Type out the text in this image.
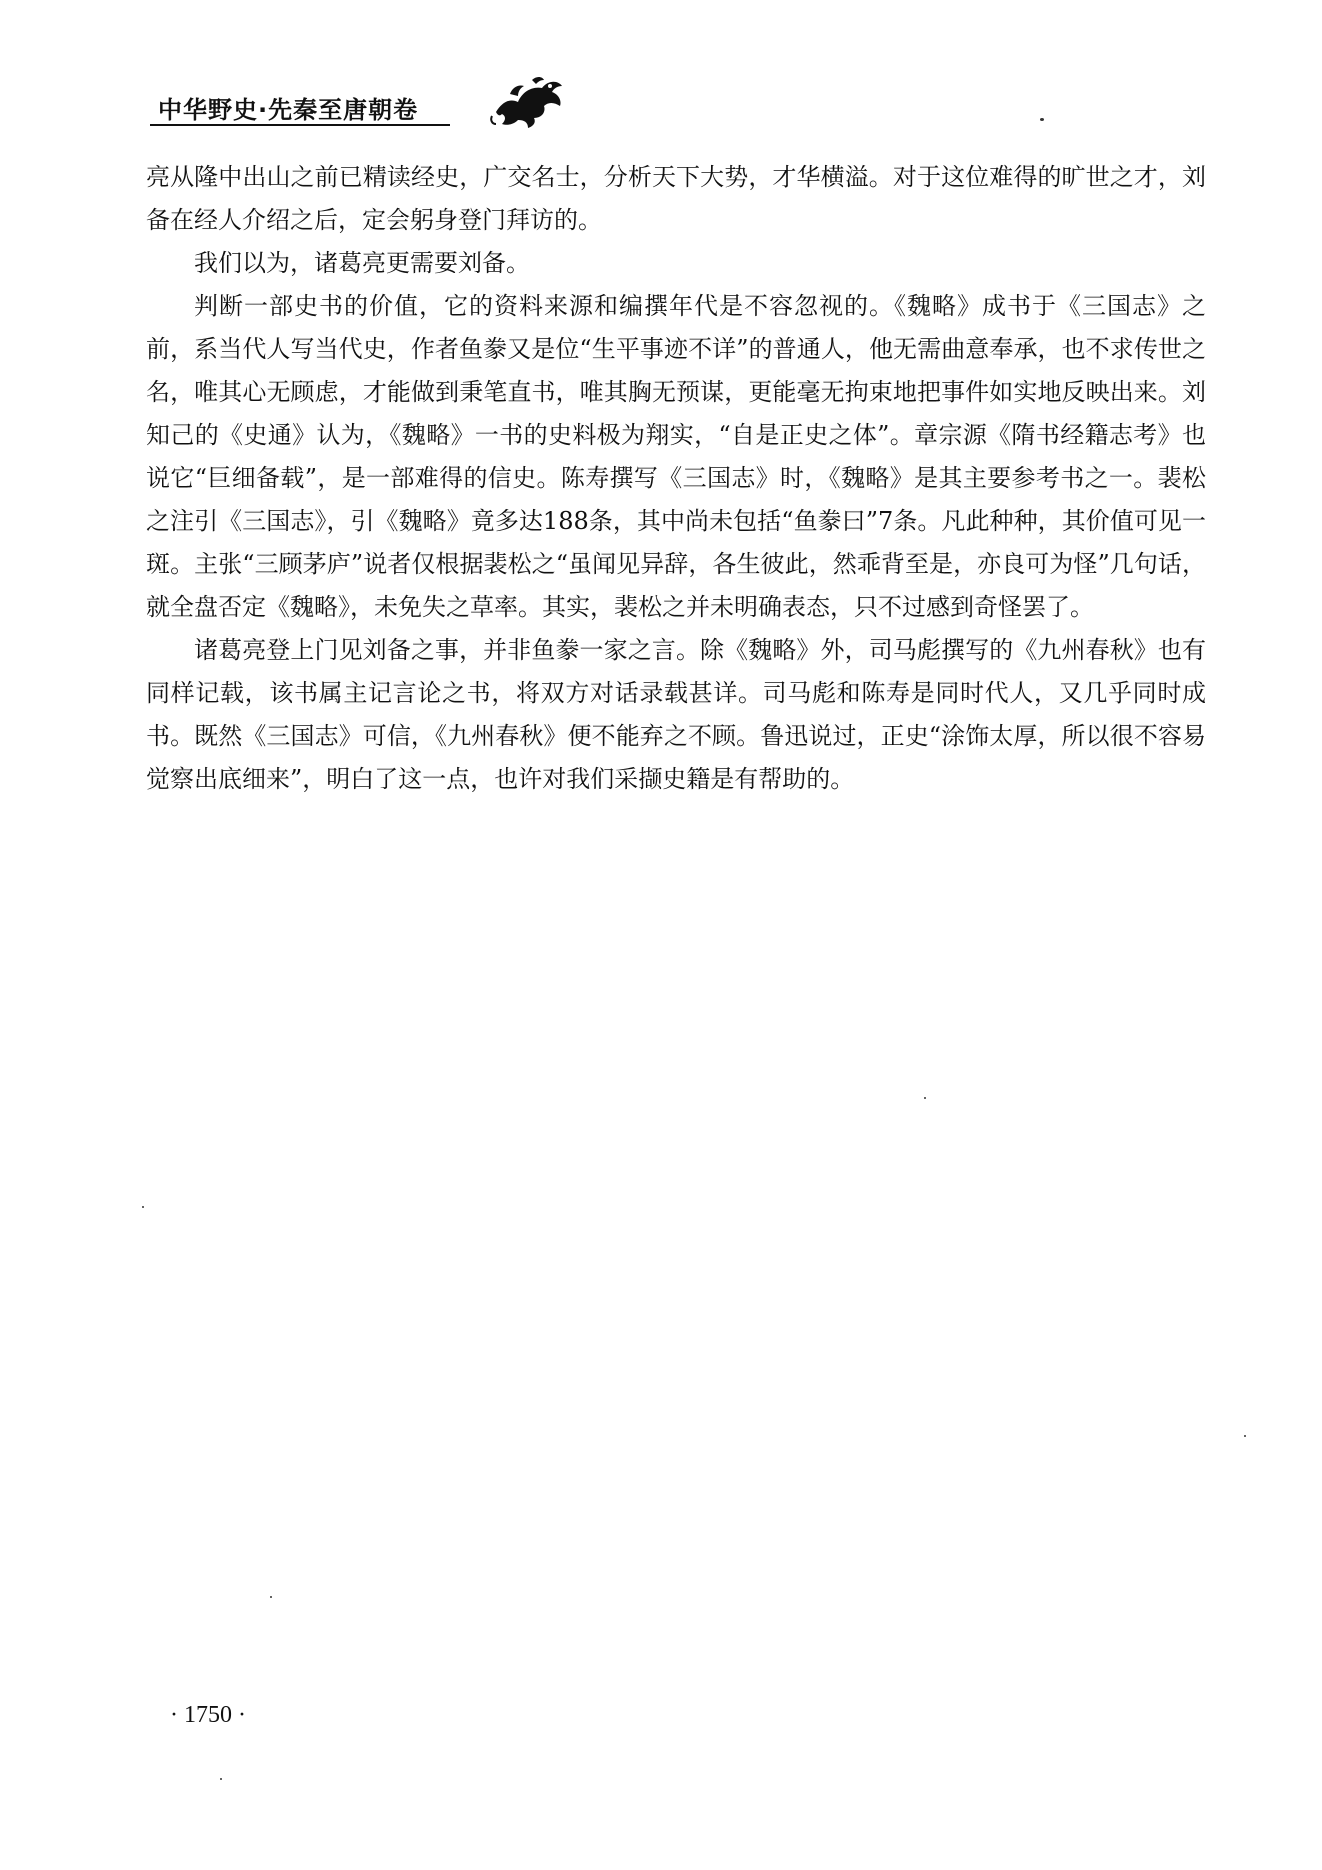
中华野史·先秦至唐朝卷

亮从隆中出山之前已精读经史，广交名士，分析天下大势，才华横溢。对于这位难得的旷世之才，刘备在经人介绍之后，定会躬身登门拜访的。

我们以为，诸葛亮更需要刘备。

判断一部史书的价值，它的资料来源和编撰年代是不容忽视的。《魏略》成书于《三国志》之前，系当代人写当代史，作者鱼豢又是位“生平事迹不详”的普通人，他无需曲意奉承，也不求传世之名，唯其心无顾虑，才能做到秉笔直书，唯其胸无预谋，更能毫无拘束地把事件如实地反映出来。刘知己的《史通》认为，《魏略》一书的史料极为翔实，“自是正史之体”。章宗源《隋书经籍志考》也说它“巨细备载”，是一部难得的信史。陈寿撰写《三国志》时，《魏略》是其主要参考书之一。裴松之注引《三国志》，引《魏略》竟多达188条，其中尚未包括“鱼豢曰”7条。凡此种种，其价值可见一斑。主张“三顾茅庐”说者仅根据裴松之“虽闻见异辞，各生彼此，然乖背至是，亦良可为怪”几句话，就全盘否定《魏略》，未免失之草率。其实，裴松之并未明确表态，只不过感到奇怪罢了。

诸葛亮登上门见刘备之事，并非鱼豢一家之言。除《魏略》外，司马彪撰写的《九州春秋》也有同样记载，该书属主记言论之书，将双方对话录载甚详。司马彪和陈寿是同时代人，又几乎同时成书。既然《三国志》可信，《九州春秋》便不能弃之不顾。鲁迅说过，正史“涂饰太厚，所以很不容易觉察出底细来”，明白了这一点，也许对我们采撷史籍是有帮助的。

· 1750 ·
